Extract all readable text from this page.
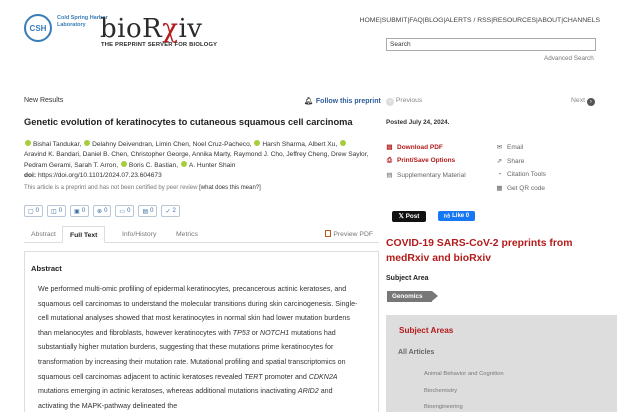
CSH
Cold Spring Harbor Laboratory bioRχiv
THE PREPRINT SERVER FOR BIOLOGY
HOME|SUBMIT|FAQ|BLOG|ALERTS / RSS|RESOURCES|ABOUT|CHANNELS
Search
Advanced Search
New Results	🔔︎ Follow this preprint	‹ Previous	Next ›
Genetic evolution of keratinocytes to cutaneous squamous cell carcinoma	Posted July 24, 2024.
Bishal Tandukar, Delahny Deivendran, Limin Chen, Noel Cruz-Pacheco, Harsh Sharma, Albert Xu, Aravind K. Bandari, Daniel B. Chen, Christopher George, Annika Marty, Raymond J. Cho, Jeffrey Cheng, Drew Saylor, Pedram Gerami, Sarah T. Arron, Boris C. Bastian, A. Hunter Shain
doi: https://doi.org/10.1101/2024.07.23.604673
This article is a preprint and has not been certified by peer review [what does this mean?]
▢ 0 ◫ 0 ▣ 0 ⊗ 0 ▭ 0 ▤ 0 ✓ 2
Abstract	Full Text	Info/History	Metrics	Preview PDF
Abstract
We performed multi-omic profiling of epidermal keratinocytes, precancerous actinic keratoses, and squamous cell carcinomas to understand the molecular transitions during skin carcinogenesis. Single-cell mutational analyses showed that most keratinocytes in normal skin had lower mutation burdens than melanocytes and fibroblasts, however keratinocytes with TP53 or NOTCH1 mutations had substantially higher mutation burdens, suggesting that these mutations prime keratinocytes for transformation by increasing their mutation rate. Mutational profiling and spatial transcriptomics on squamous cell carcinomas adjacent to actinic keratoses revealed TERT promoter and CDKN2A mutations emerging in actinic keratoses, whereas additional mutations inactivating ARID2 and activating the MAPK-pathway delineated the
▤ Download PDF	✉ Email
⎙ Print/Save Options	⇗ Share
▤ Supplementary Material	◔ Citation Tools
▦ Get QR code
𝕏 Post	👍︎ Like 0
COVID-19 SARS-CoV-2 preprints from medRxiv and bioRxiv
Subject Area
Genomics
Subject Areas
All Articles
Animal Behavior and Cognition
Biochemistry
Bioengineering
